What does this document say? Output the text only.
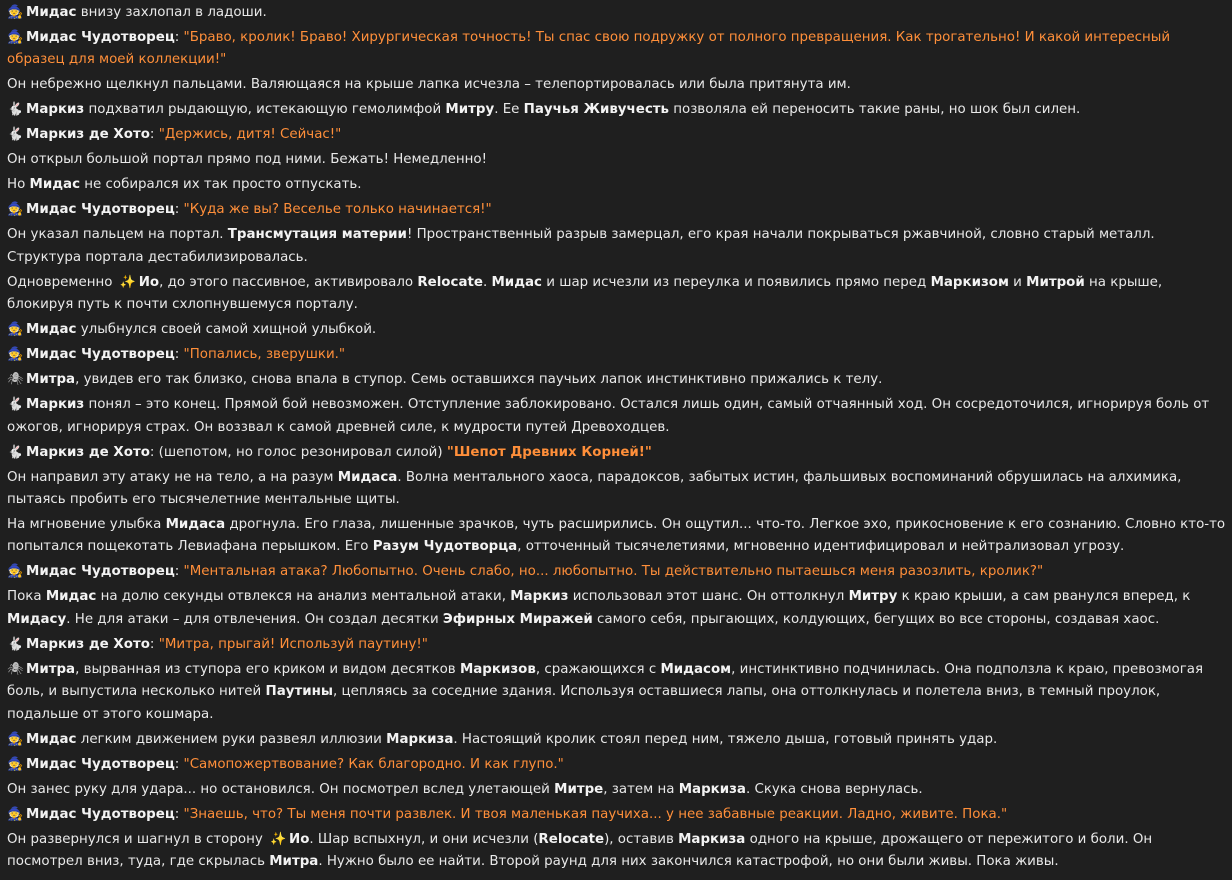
🧙 Мидас внизу захлопал в ладоши.
🧙 Мидас Чудотворец: "Браво, кролик! Браво! Хирургическая точность! Ты спас свою подружку от полного превращения. Как трогательно! И какой интересный образец для моей коллекции!"
Он небрежно щелкнул пальцами. Валяющаяся на крыше лапка исчезла – телепортировалась или была притянута им.
🐇 Маркиз подхватил рыдающую, истекающую гемолимфой Митру. Ее Паучья Живучесть позволяла ей переносить такие раны, но шок был силен.
🐇 Маркиз де Хото: "Держись, дитя! Сейчас!"
Он открыл большой портал прямо под ними. Бежать! Немедленно!
Но Мидас не собирался их так просто отпускать.
🧙 Мидас Чудотворец: "Куда же вы? Веселье только начинается!"
Он указал пальцем на портал. Трансмутация материи! Пространственный разрыв замерцал, его края начали покрываться ржавчиной, словно старый металл. Структура портала дестабилизировалась.
Одновременно ✨ Ио, до этого пассивное, активировало Relocate. Мидас и шар исчезли из переулка и появились прямо перед Маркизом и Митрой на крыше, блокируя путь к почти схлопнувшемуся порталу.
🧙 Мидас улыбнулся своей самой хищной улыбкой.
🧙 Мидас Чудотворец: "Попались, зверушки."
🕷 Митра, увидев его так близко, снова впала в ступор. Семь оставшихся паучьих лапок инстинктивно прижались к телу.
🐇 Маркиз понял – это конец. Прямой бой невозможен. Отступление заблокировано. Остался лишь один, самый отчаянный ход. Он сосредоточился, игнорируя боль от ожогов, игнорируя страх. Он воззвал к самой древней силе, к мудрости путей Древоходцев.
🐇 Маркиз де Хото: (шепотом, но голос резонировал силой) "Шепот Древних Корней!"
Он направил эту атаку не на тело, а на разум Мидаса. Волна ментального хаоса, парадоксов, забытых истин, фальшивых воспоминаний обрушилась на алхимика, пытаясь пробить его тысячелетние ментальные щиты.
На мгновение улыбка Мидаса дрогнула. Его глаза, лишенные зрачков, чуть расширились. Он ощутил... что-то. Легкое эхо, прикосновение к его сознанию. Словно кто-то попытался пощекотать Левиафана перышком. Его Разум Чудотворца, отточенный тысячелетиями, мгновенно идентифицировал и нейтрализовал угрозу.
🧙 Мидас Чудотворец: "Ментальная атака? Любопытно. Очень слабо, но... любопытно. Ты действительно пытаешься меня разозлить, кролик?"
Пока Мидас на долю секунды отвлекся на анализ ментальной атаки, Маркиз использовал этот шанс. Он оттолкнул Митру к краю крыши, а сам рванулся вперед, к Мидасу. Не для атаки – для отвлечения. Он создал десятки Эфирных Миражей самого себя, прыгающих, колдующих, бегущих во все стороны, создавая хаос.
🐇 Маркиз де Хото: "Митра, прыгай! Используй паутину!"
🕷 Митра, вырванная из ступора его криком и видом десятков Маркизов, сражающихся с Мидасом, инстинктивно подчинилась. Она подползла к краю, превозмогая боль, и выпустила несколько нитей Паутины, цепляясь за соседние здания. Используя оставшиеся лапы, она оттолкнулась и полетела вниз, в темный проулок, подальше от этого кошмара.
🧙 Мидас легким движением руки развеял иллюзии Маркиза. Настоящий кролик стоял перед ним, тяжело дыша, готовый принять удар.
🧙 Мидас Чудотворец: "Самопожертвование? Как благородно. И как глупо."
Он занес руку для удара... но остановился. Он посмотрел вслед улетающей Митре, затем на Маркиза. Скука снова вернулась.
🧙 Мидас Чудотворец: "Знаешь, что? Ты меня почти развлек. И твоя маленькая паучиха... у нее забавные реакции. Ладно, живите. Пока."
Он развернулся и шагнул в сторону ✨ Ио. Шар вспыхнул, и они исчезли (Relocate), оставив Маркиза одного на крыше, дрожащего от пережитого и боли. Он посмотрел вниз, туда, где скрылась Митра. Нужно было ее найти. Второй раунд для них закончился катастрофой, но они были живы. Пока живы.
